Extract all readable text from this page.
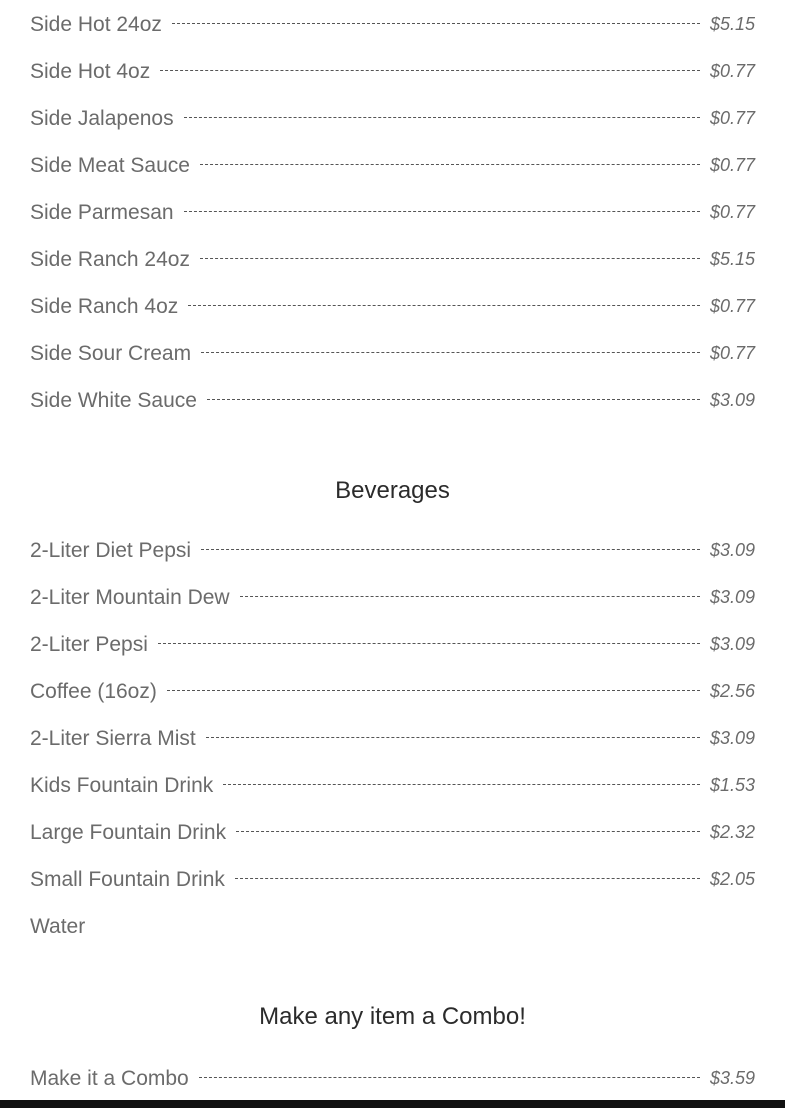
Side Hot 24oz	$5.15
Side Hot 4oz	$0.77
Side Jalapenos	$0.77
Side Meat Sauce	$0.77
Side Parmesan	$0.77
Side Ranch 24oz	$5.15
Side Ranch 4oz	$0.77
Side Sour Cream	$0.77
Side White Sauce	$3.09
Beverages
2-Liter Diet Pepsi	$3.09
2-Liter Mountain Dew	$3.09
2-Liter Pepsi	$3.09
Coffee (16oz)	$2.56
2-Liter Sierra Mist	$3.09
Kids Fountain Drink	$1.53
Large Fountain Drink	$2.32
Small Fountain Drink	$2.05
Water
Make any item a Combo!
Make it a Combo	$3.59
